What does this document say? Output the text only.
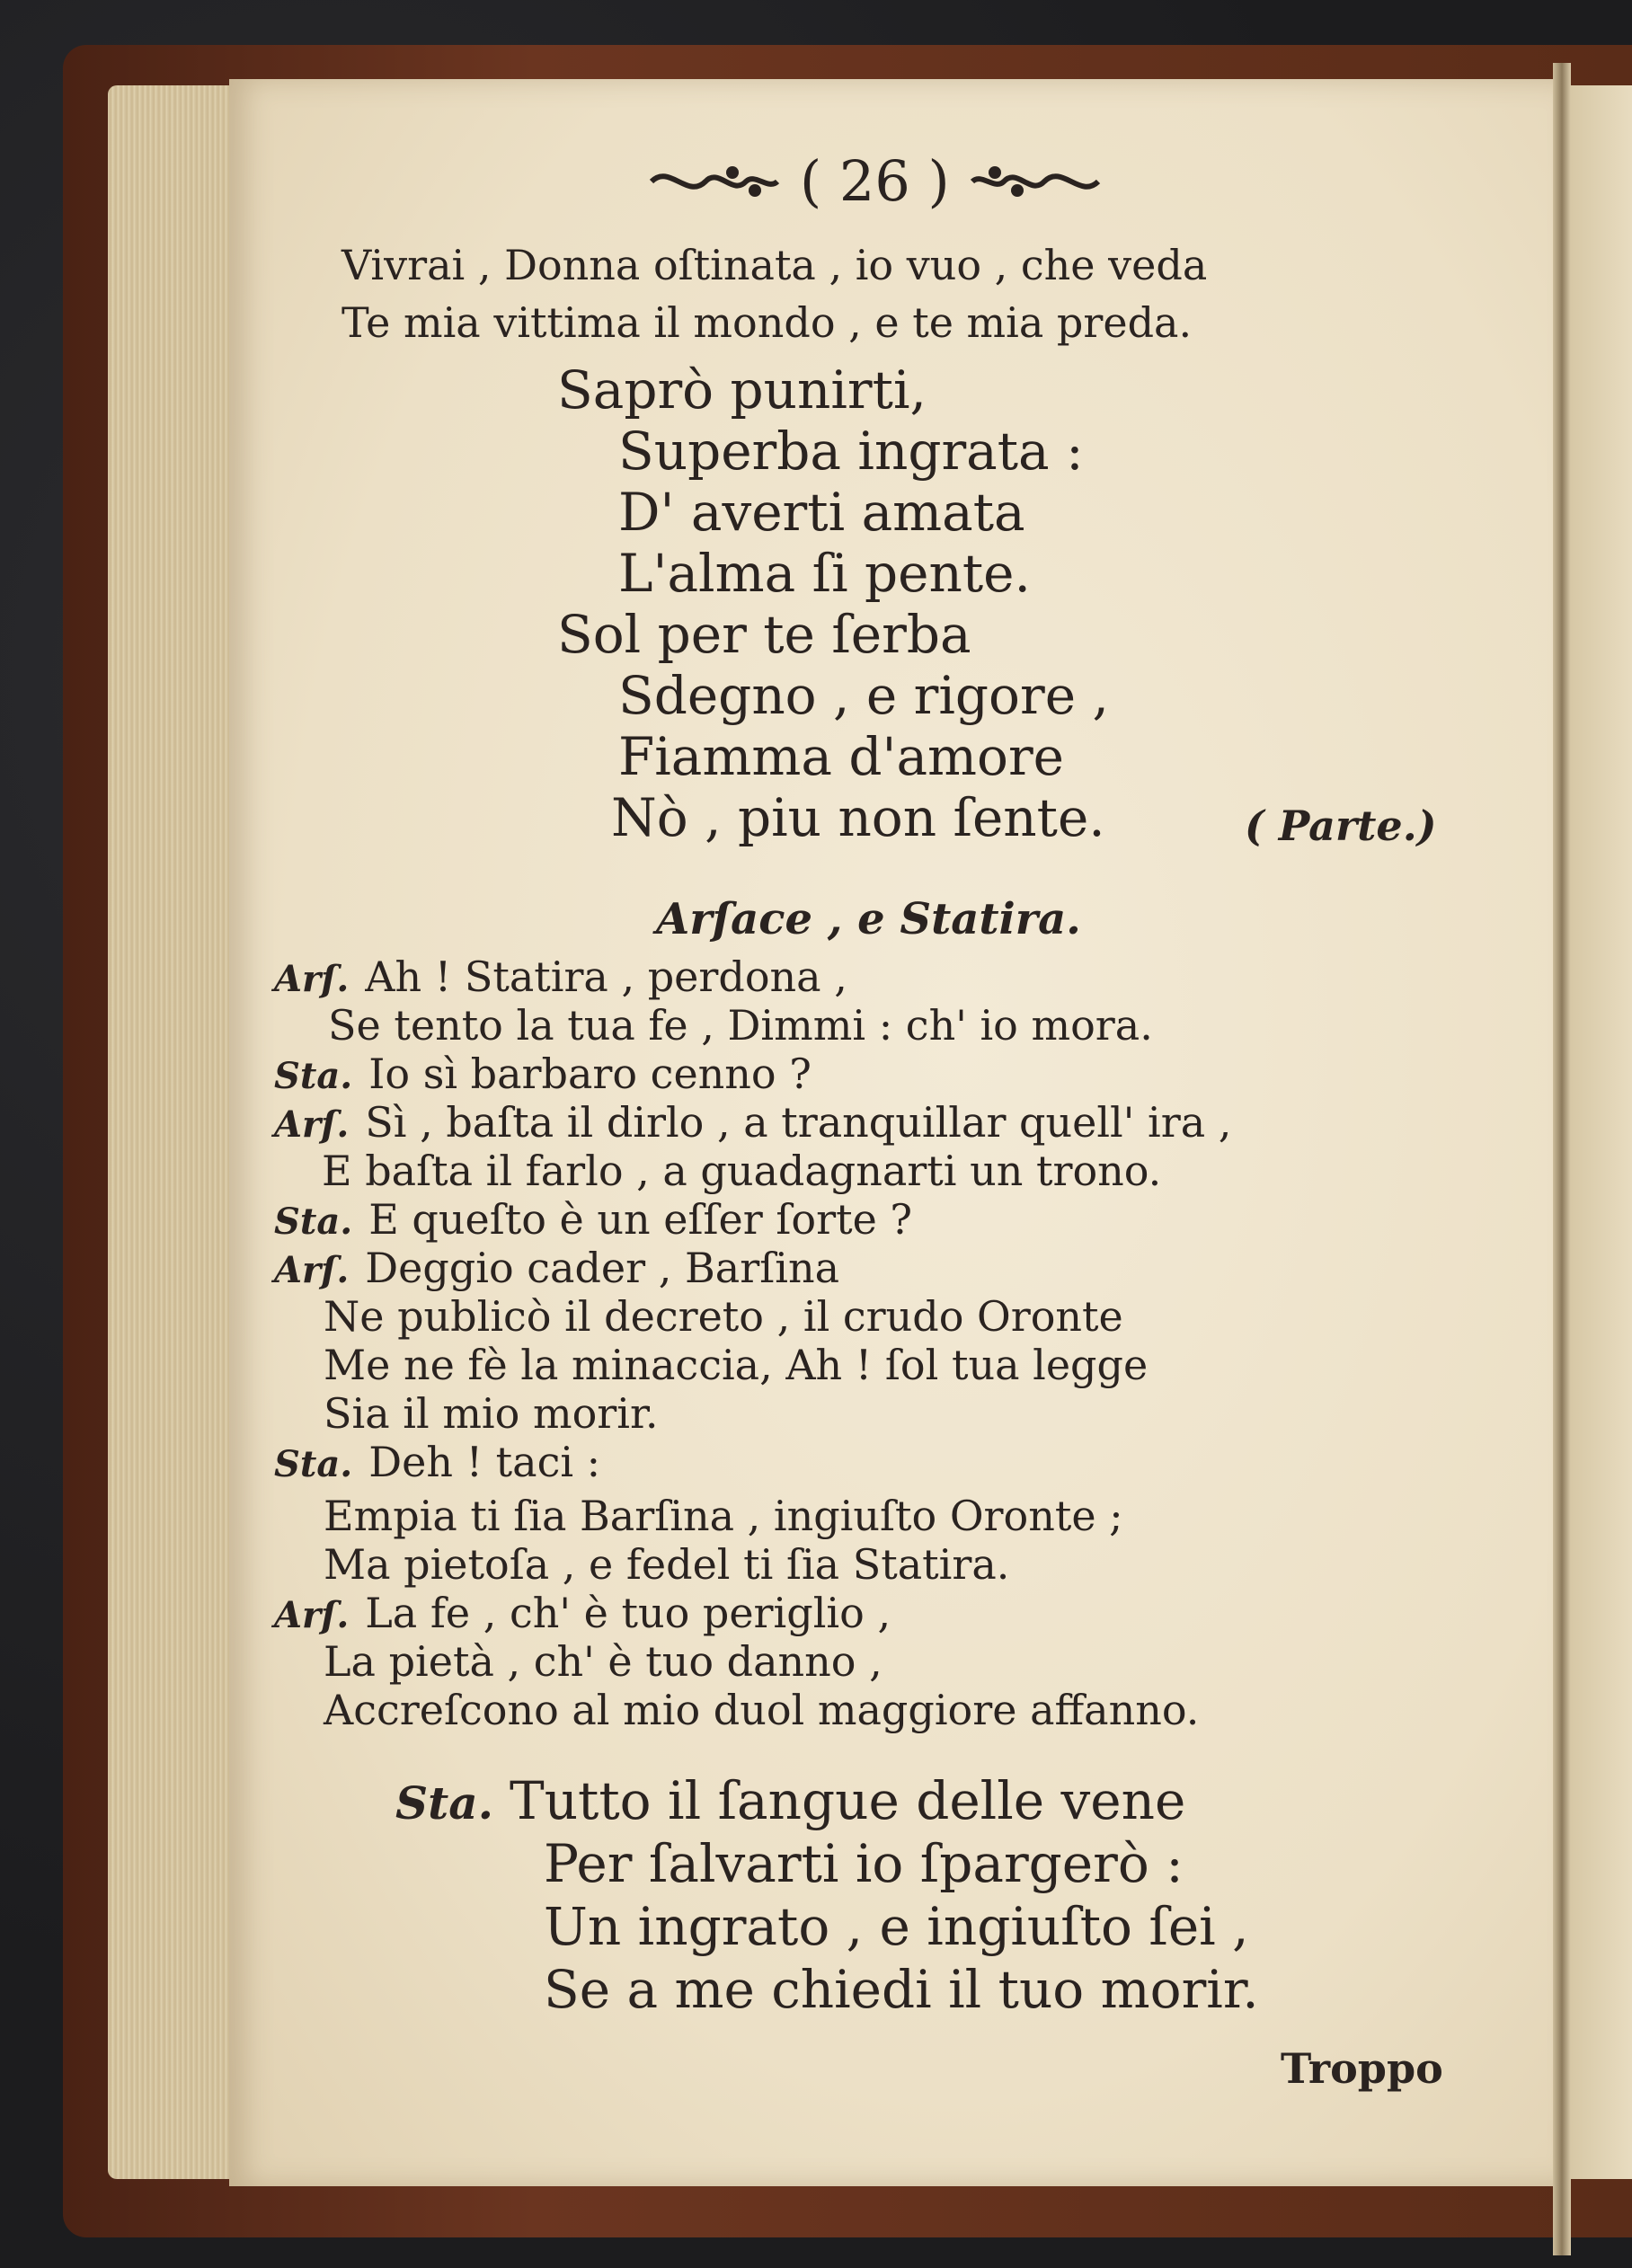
( 26 )
Vivrai , Donna oſtinata , io vuo , che veda
Te mia vittima il mondo , e te mia preda.
Saprò punirti,
Superba ingrata :
D' averti amata
L'alma ſi pente.
Sol per te ſerba
Sdegno , e rigore ,
Fiamma d'amore
Nò , piu non ſente.	( Parte.)
Arſace , e Statira.
Arſ. Ah ! Statira , perdona ,
Se tento la tua fe , Dimmi : ch' io mora.
Sta. Io sì barbaro cenno ?
Arſ. Sì , baſta il dirlo , a tranquillar quell' ira ,
E baſta il farlo , a guadagnarti un trono.
Sta. E queſto è un eſſer ſorte ?
Arſ. Deggio cader , Barſina
Ne publicò il decreto , il crudo Oronte
Me ne fè la minaccia, Ah ! ſol tua legge
Sia il mio morir.
Sta. Deh ! taci :
Empia ti ſia Barſina , ingiuſto Oronte ;
Ma pietoſa , e fedel ti ſia Statira.
Arſ. La fe , ch' è tuo periglio ,
La pietà , ch' è tuo danno ,
Accreſcono al mio duol maggiore affanno.
Sta. Tutto il ſangue delle vene
Per ſalvarti io ſpargerò :
Un ingrato , e ingiuſto ſei ,
Se a me chiedi il tuo morir.
Troppo
